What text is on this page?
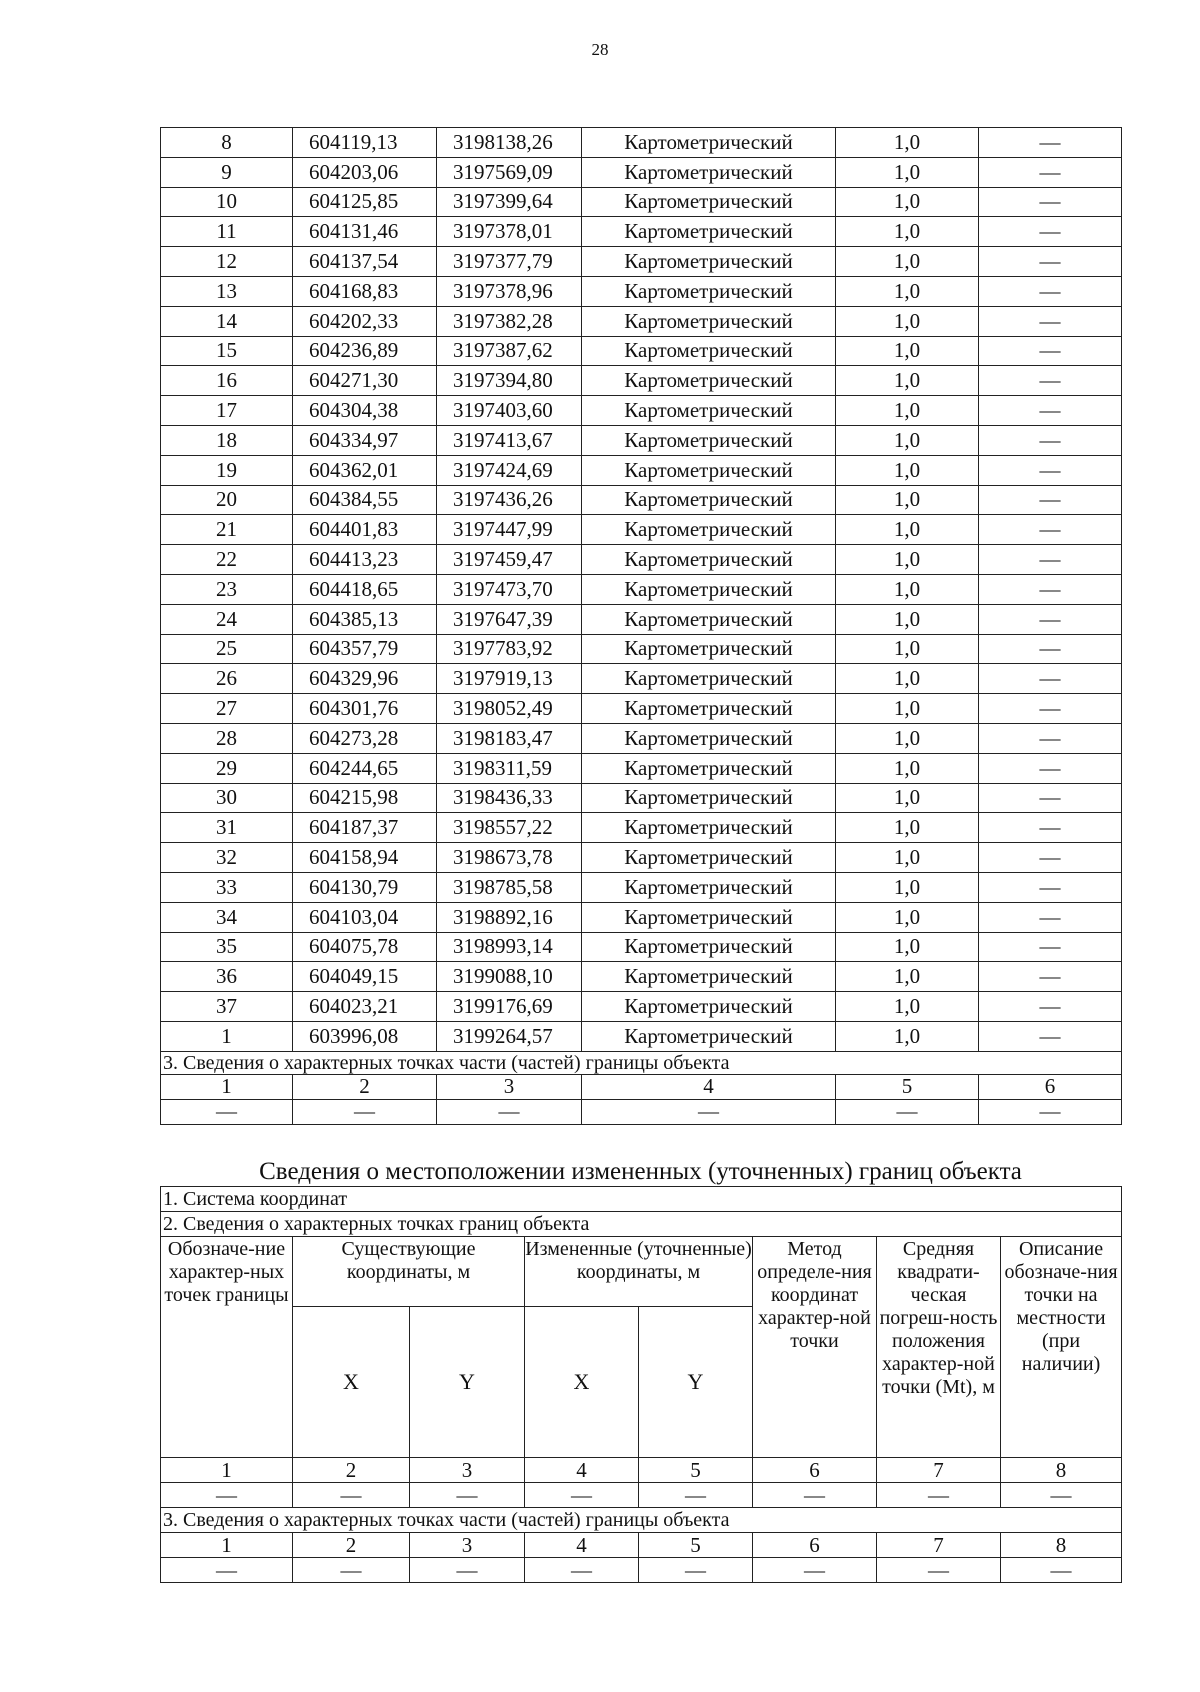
28
8	604119,13	3198138,26	Картометрический	1,0	—
9	604203,06	3197569,09	Картометрический	1,0	—
10	604125,85	3197399,64	Картометрический	1,0	—
11	604131,46	3197378,01	Картометрический	1,0	—
12	604137,54	3197377,79	Картометрический	1,0	—
13	604168,83	3197378,96	Картометрический	1,0	—
14	604202,33	3197382,28	Картометрический	1,0	—
15	604236,89	3197387,62	Картометрический	1,0	—
16	604271,30	3197394,80	Картометрический	1,0	—
17	604304,38	3197403,60	Картометрический	1,0	—
18	604334,97	3197413,67	Картометрический	1,0	—
19	604362,01	3197424,69	Картометрический	1,0	—
20	604384,55	3197436,26	Картометрический	1,0	—
21	604401,83	3197447,99	Картометрический	1,0	—
22	604413,23	3197459,47	Картометрический	1,0	—
23	604418,65	3197473,70	Картометрический	1,0	—
24	604385,13	3197647,39	Картометрический	1,0	—
25	604357,79	3197783,92	Картометрический	1,0	—
26	604329,96	3197919,13	Картометрический	1,0	—
27	604301,76	3198052,49	Картометрический	1,0	—
28	604273,28	3198183,47	Картометрический	1,0	—
29	604244,65	3198311,59	Картометрический	1,0	—
30	604215,98	3198436,33	Картометрический	1,0	—
31	604187,37	3198557,22	Картометрический	1,0	—
32	604158,94	3198673,78	Картометрический	1,0	—
33	604130,79	3198785,58	Картометрический	1,0	—
34	604103,04	3198892,16	Картометрический	1,0	—
35	604075,78	3198993,14	Картометрический	1,0	—
36	604049,15	3199088,10	Картометрический	1,0	—
37	604023,21	3199176,69	Картометрический	1,0	—
1	603996,08	3199264,57	Картометрический	1,0	—
3. Сведения о характерных точках части (частей) границы объекта					
1	2	3	4	5	6
—	—	—	—	—	—
Сведения о местоположении измененных (уточненных) границ объекта
1. Система координат							
2. Сведения о характерных точках границ объекта							
Обозначе-ние характер-ных точек границы	Существующие координаты, м		Измененные (уточненные) координаты, м		Метод определе-ния координат характер-ной точки	Средняя квадрати-ческая погреш-ность положения характер-ной точки (Mt), м	Описание обозначе-ния точки на местности (при наличии)
	X	Y	X	Y			
1	2	3	4	5	6	7	8
—	—	—	—	—	—	—	—
3. Сведения о характерных точках части (частей) границы объекта							
1	2	3	4	5	6	7	8
—	—	—	—	—	—	—	—
